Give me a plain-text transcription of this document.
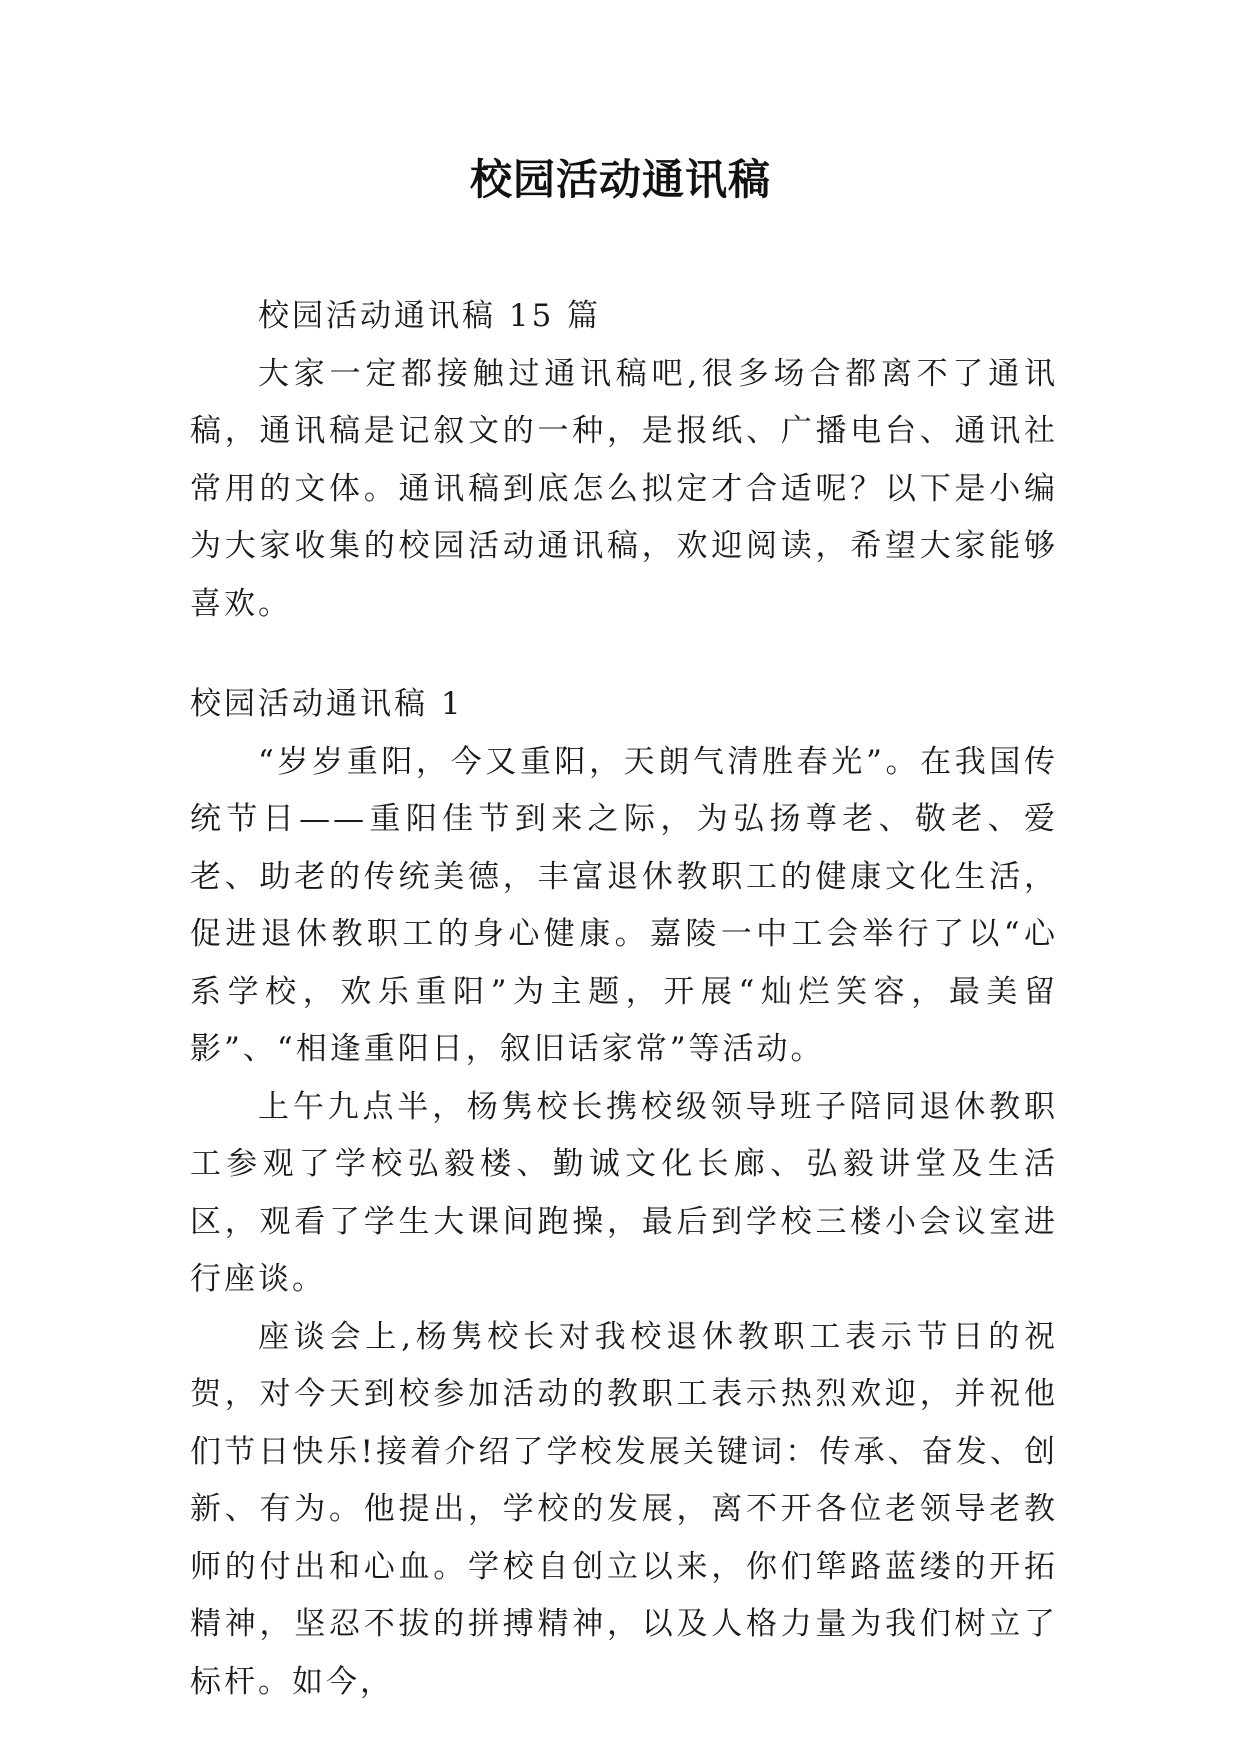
校园活动通讯稿

校园活动通讯稿 15 篇

大家一定都接触过通讯稿吧,很多场合都离不了通讯稿，通讯稿是记叙文的一种，是报纸、广播电台、通讯社常用的文体。通讯稿到底怎么拟定才合适呢？以下是小编为大家收集的校园活动通讯稿，欢迎阅读，希望大家能够喜欢。

校园活动通讯稿 1

“岁岁重阳，今又重阳，天朗气清胜春光”。在我国传统节日——重阳佳节到来之际，为弘扬尊老、敬老、爱老、助老的传统美德，丰富退休教职工的健康文化生活，促进退休教职工的身心健康。嘉陵一中工会举行了以“心系学校，欢乐重阳”为主题，开展“灿烂笑容，最美留影”、“相逢重阳日，叙旧话家常”等活动。

上午九点半，杨隽校长携校级领导班子陪同退休教职工参观了学校弘毅楼、勤诚文化长廊、弘毅讲堂及生活区，观看了学生大课间跑操，最后到学校三楼小会议室进行座谈。

座谈会上,杨隽校长对我校退休教职工表示节日的祝贺，对今天到校参加活动的教职工表示热烈欢迎，并祝他们节日快乐!接着介绍了学校发展关键词：传承、奋发、创新、有为。他提出，学校的发展，离不开各位老领导老教师的付出和心血。学校自创立以来，你们筚路蓝缕的开拓精神，坚忍不拔的拼搏精神，以及人格力量为我们树立了标杆。如今，
